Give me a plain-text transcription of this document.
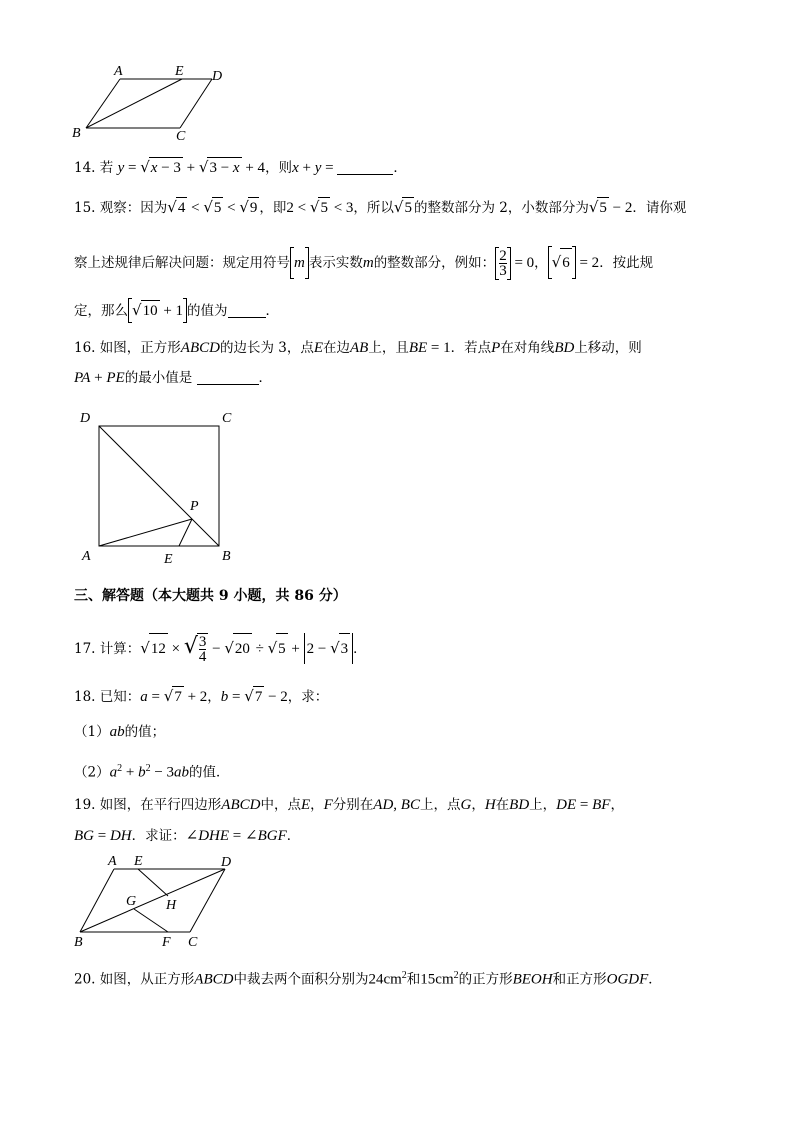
A	E D
B	C
14. 若 y = √x − 3 + √3 − x + 4，则x + y =	．
15. 观察：因为√4 < √5 < √9 ，即2 < √5 < 3，所以√5 的整数部分为 2，小数部分为√5 − 2．请你观
察上述规律后解决问题：规定用符号 m 表示实数m的整数部分，例如： $\frac{2}{3} = 0$， √6 = 2．按此规
定，那么 √10 + 1 的值为	．
16. 如图，正方形ABCD的边长为 3，点E在边AB上，且BE = 1．若点P在对角线BD上移动，则
PA + PE的最小值是	．
D	C
P
A	E	B
三、解答题（本大题共 9 小题，共 86 分）
17. 计算：√12 × √ $\frac{3}{4} - √20 \div √5 + 2 - √3$ ．
18. 已知：a = √7 + 2，b = √7 − 2，求：
（1）ab的值；
$(2)a^2 + b^2 - 3ab$的值．
19. 如图，在平行四边形ABCD中，点E，F分别在AD, BC上，点G，H在BD上，DE = BF，
BG = DH．求证：∠DHE = ∠BGF．
A E	D
G H
B	F C
20. 如图，从正方形ABCD中裁去两个面积分别为$24cm^2$和$15cm^2$的正方形BEOH和正方形OGDF．
